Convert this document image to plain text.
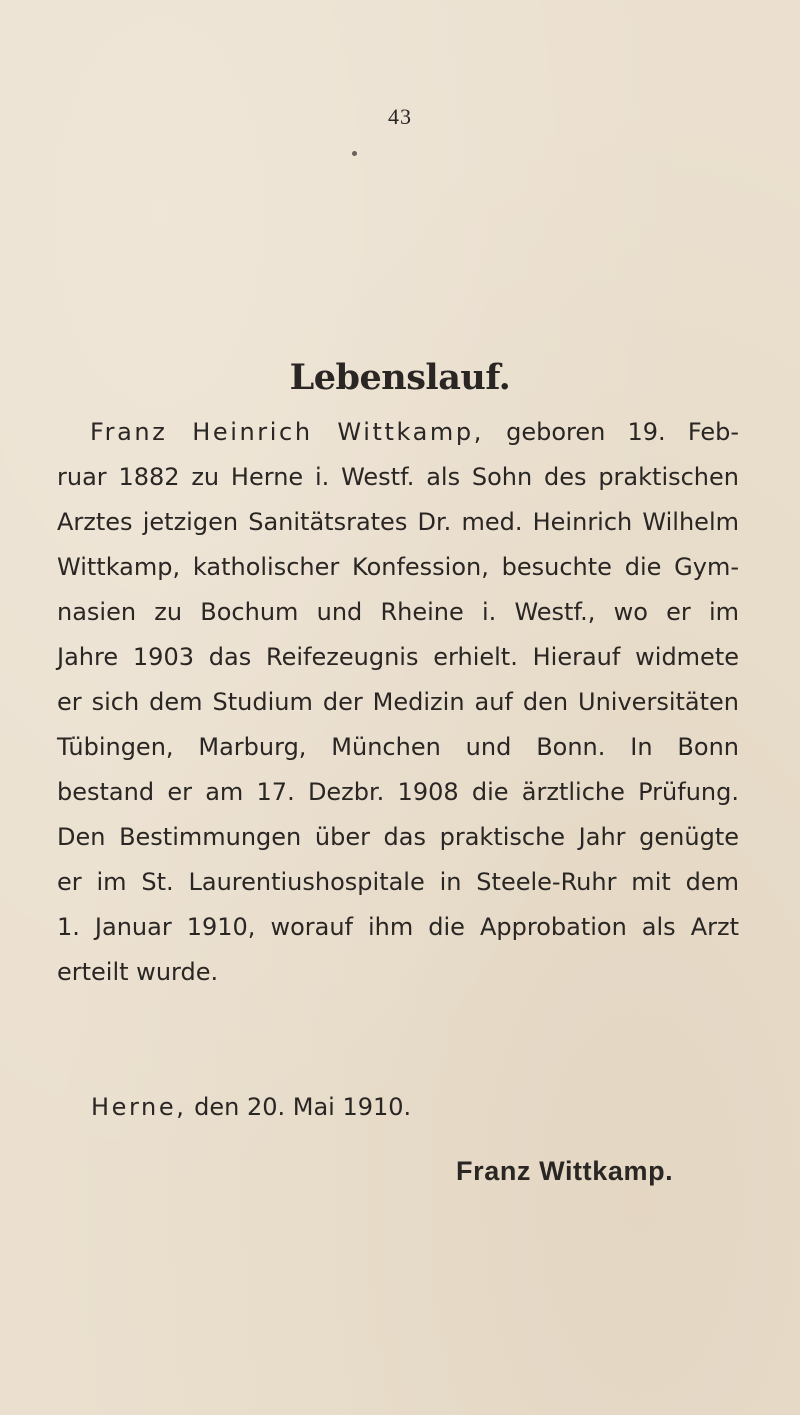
43
Lebenslauf.
Franz Heinrich Wittkamp, geboren 19. Feb-
ruar 1882 zu Herne i. Westf. als Sohn des praktischen
Arztes jetzigen Sanitätsrates Dr. med. Heinrich Wilhelm
Wittkamp, katholischer Konfession, besuchte die Gym-
nasien zu Bochum und Rheine i. Westf., wo er im
Jahre 1903 das Reifezeugnis erhielt. Hierauf widmete
er sich dem Studium der Medizin auf den Universitäten
Tübingen, Marburg, München und Bonn. In Bonn
bestand er am 17. Dezbr. 1908 die ärztliche Prüfung.
Den Bestimmungen über das praktische Jahr genügte
er im St. Laurentiushospitale in Steele-Ruhr mit dem
1. Januar 1910, worauf ihm die Approbation als Arzt
erteilt wurde.
Herne, den 20. Mai 1910.
Franz Wittkamp.
